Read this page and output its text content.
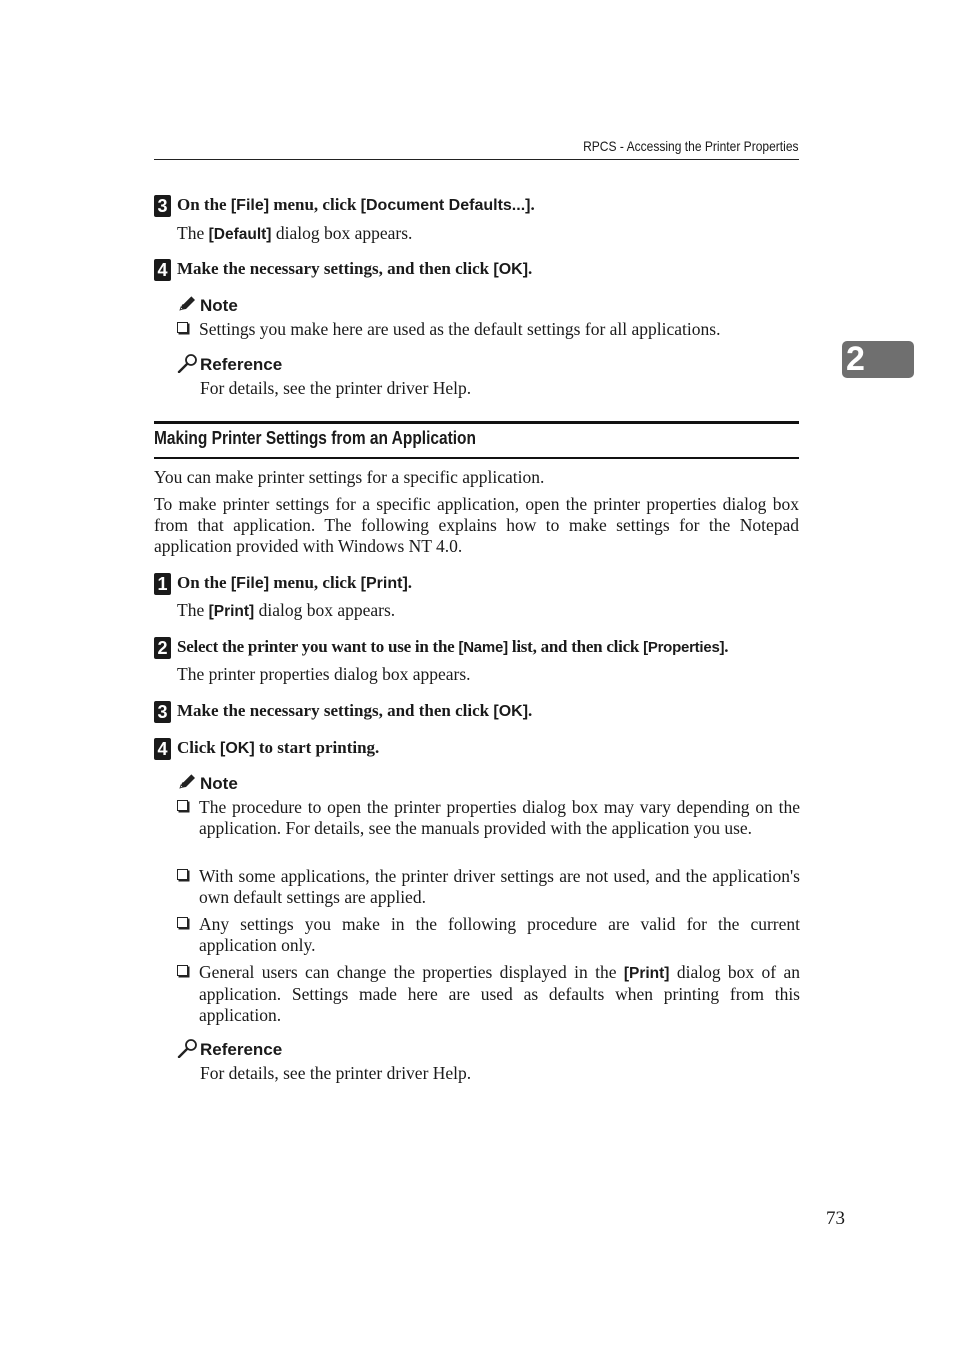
RPCS - Accessing the Printer Properties
2
3 On the [File] menu, click [Document Defaults...].
The [Default] dialog box appears.
4 Make the necessary settings, and then click [OK].
Note
Settings you make here are used as the default settings for all applications.
Reference
For details, see the printer driver Help.
Making Printer Settings from an Application
You can make printer settings for a specific application.
To make printer settings for a specific application, open the printer properties dialog box from that application. The following explains how to make settings for the Notepad application provided with Windows NT 4.0.
1 On the [File] menu, click [Print].
The [Print] dialog box appears.
2 Select the printer you want to use in the [Name] list, and then click [Properties].
The printer properties dialog box appears.
3 Make the necessary settings, and then click [OK].
4 Click [OK] to start printing.
Note
The procedure to open the printer properties dialog box may vary depending on the application. For details, see the manuals provided with the application you use.
With some applications, the printer driver settings are not used, and the application's own default settings are applied.
Any settings you make in the following procedure are valid for the current application only.
General users can change the properties displayed in the [Print] dialog box of an application. Settings made here are used as defaults when printing from this application.
Reference
For details, see the printer driver Help.
73
